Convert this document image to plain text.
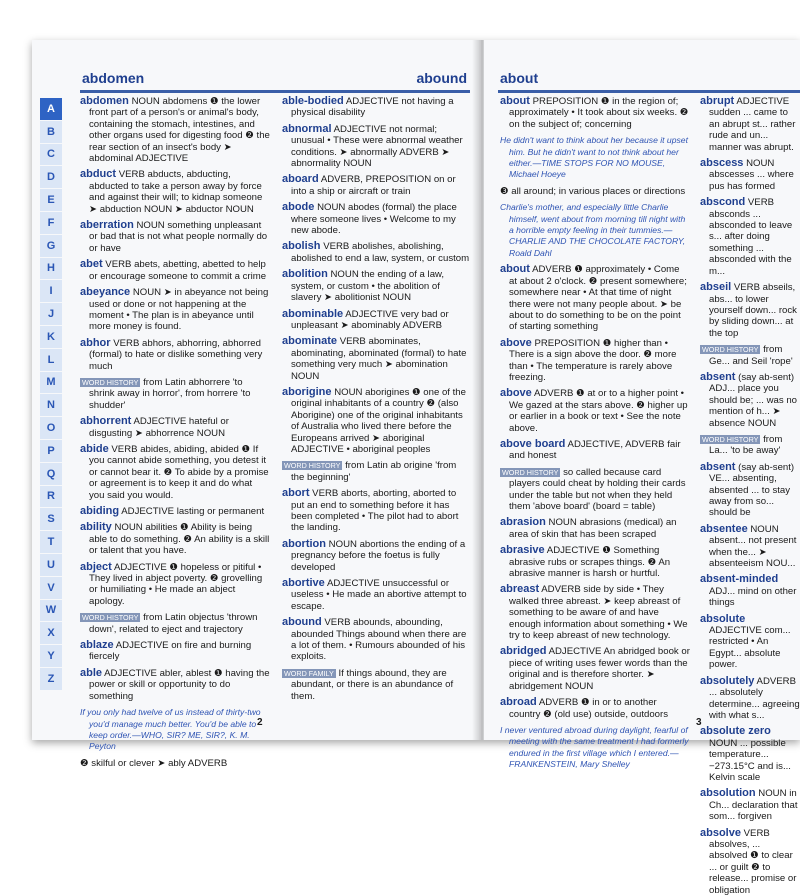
abdomen	abound
A
B
C
D
E
F
G
H
I
J
K
L
M
N
O
P
Q
R
S
T
U
V
W
X
Y
Z
abdomen NOUN abdomens ❶ the lower front part of a person's or animal's body, containing the stomach, intestines, and other organs used for digesting food ❷ the rear section of an insect's body ➤ abdominal ADJECTIVE
abduct VERB abducts, abducting, abducted to take a person away by force and against their will; to kidnap someone ➤ abduction NOUN ➤ abductor NOUN
aberration NOUN something unpleasant or bad that is not what people normally do or have
abet VERB abets, abetting, abetted to help or encourage someone to commit a crime
abeyance NOUN ➤ in abeyance not being used or done or not happening at the moment • The plan is in abeyance until more money is found.
abhor VERB abhors, abhorring, abhorred (formal) to hate or dislike something very much
WORD HISTORY from Latin abhorrere 'to shrink away in horror', from horrere 'to shudder'
abhorrent ADJECTIVE hateful or disgusting ➤ abhorrence NOUN
abide VERB abides, abiding, abided ❶ If you cannot abide something, you detest it or cannot bear it. ❷ To abide by a promise or agreement is to keep it and do what you said you would.
abiding ADJECTIVE lasting or permanent
ability NOUN abilities ❶ Ability is being able to do something. ❷ An ability is a skill or talent that you have.
abject ADJECTIVE ❶ hopeless or pitiful • They lived in abject poverty. ❷ grovelling or humiliating • He made an abject apology.
WORD HISTORY from Latin objectus 'thrown down', related to eject and trajectory
ablaze ADJECTIVE on fire and burning fiercely
able ADJECTIVE abler, ablest ❶ having the power or skill or opportunity to do something
If you only had twelve of us instead of thirty-two you'd manage much better. You'd be able to keep order.—WHO, SIR? ME, SIR?, K. M. Peyton
❷ skilful or clever ➤ ably ADVERB
able-bodied ADJECTIVE not having a physical disability
abnormal ADJECTIVE not normal; unusual • These were abnormal weather conditions. ➤ abnormally ADVERB ➤ abnormality NOUN
aboard ADVERB, PREPOSITION on or into a ship or aircraft or train
abode NOUN abodes (formal) the place where someone lives • Welcome to my new abode.
abolish VERB abolishes, abolishing, abolished to end a law, system, or custom
abolition NOUN the ending of a law, system, or custom • the abolition of slavery ➤ abolitionist NOUN
abominable ADJECTIVE very bad or unpleasant ➤ abominably ADVERB
abominate VERB abominates, abominating, abominated (formal) to hate something very much ➤ abomination NOUN
aborigine NOUN aborigines ❶ one of the original inhabitants of a country ❷ (also Aborigine) one of the original inhabitants of Australia who lived there before the Europeans arrived ➤ aboriginal ADJECTIVE • aboriginal peoples
WORD HISTORY from Latin ab origine 'from the beginning'
abort VERB aborts, aborting, aborted to put an end to something before it has been completed • The pilot had to abort the landing.
abortion NOUN abortions the ending of a pregnancy before the foetus is fully developed
abortive ADJECTIVE unsuccessful or useless • He made an abortive attempt to escape.
abound VERB abounds, abounding, abounded Things abound when there are a lot of them. • Rumours abounded of his exploits.
WORD FAMILY If things abound, they are abundant, or there is an abundance of them.
2
about
about PREPOSITION ❶ in the region of; approximately • It took about six weeks. ❷ on the subject of; concerning
He didn't want to think about her because it upset him. But he didn't want to not think about her either.—TIME STOPS FOR NO MOUSE, Michael Hoeye
❸ all around; in various places or directions
Charlie's mother, and especially little Charlie himself, went about from morning till night with a horrible empty feeling in their tummies.—CHARLIE AND THE CHOCOLATE FACTORY, Roald Dahl
about ADVERB ❶ approximately • Come at about 2 o'clock. ❷ present somewhere; somewhere near • At that time of night there were not many people about. ➤ be about to do something to be on the point of starting something
above PREPOSITION ❶ higher than • There is a sign above the door. ❷ more than • The temperature is rarely above freezing.
above ADVERB ❶ at or to a higher point • We gazed at the stars above. ❷ higher up or earlier in a book or text • See the note above.
above board ADJECTIVE, ADVERB fair and honest
WORD HISTORY so called because card players could cheat by holding their cards under the table but not when they held them 'above board' (board = table)
abrasion NOUN abrasions (medical) an area of skin that has been scraped
abrasive ADJECTIVE ❶ Something abrasive rubs or scrapes things. ❷ An abrasive manner is harsh or hurtful.
abreast ADVERB side by side • They walked three abreast. ➤ keep abreast of something to be aware of and have enough information about something • We try to keep abreast of new technology.
abridged ADJECTIVE An abridged book or piece of writing uses fewer words than the original and is therefore shorter. ➤ abridgement NOUN
abroad ADVERB ❶ in or to another country ❷ (old use) outside, outdoors
I never ventured abroad during daylight, fearful of meeting with the same treatment I had formerly endured in the first village which I entered.—FRANKENSTEIN, Mary Shelley
abrupt ADJECTIVE sudden ... came to an abrupt st... rather rude and un... manner was abrupt.
abscess NOUN abscesses ... where pus has formed
abscond VERB absconds ... absconded to leave s... after doing something ... absconded with the m...
abseil VERB abseils, abs... to lower yourself down... rock by sliding down... at the top
WORD HISTORY from Ge... and Seil 'rope'
absent (say ab-sent) ADJ... place you should be; ... was no mention of h... ➤ absence NOUN
WORD HISTORY from La... 'to be away'
absent (say ab-sent) VE... absenting, absented ... to stay away from so... should be
absentee NOUN absent... not present when the... ➤ absenteeism NOU...
absent-minded ADJ... mind on other things
absolute ADJECTIVE com... restricted • An Egypt... absolute power.
absolutely ADVERB ... absolutely determine... agreeing with what s...
absolute zero NOUN ... possible temperature... −273.15°C and is... Kelvin scale
absolution NOUN in Ch... declaration that som... forgiven
absolve VERB absolves, ... absolved ❶ to clear ... or guilt ❷ to release... promise or obligation
3
